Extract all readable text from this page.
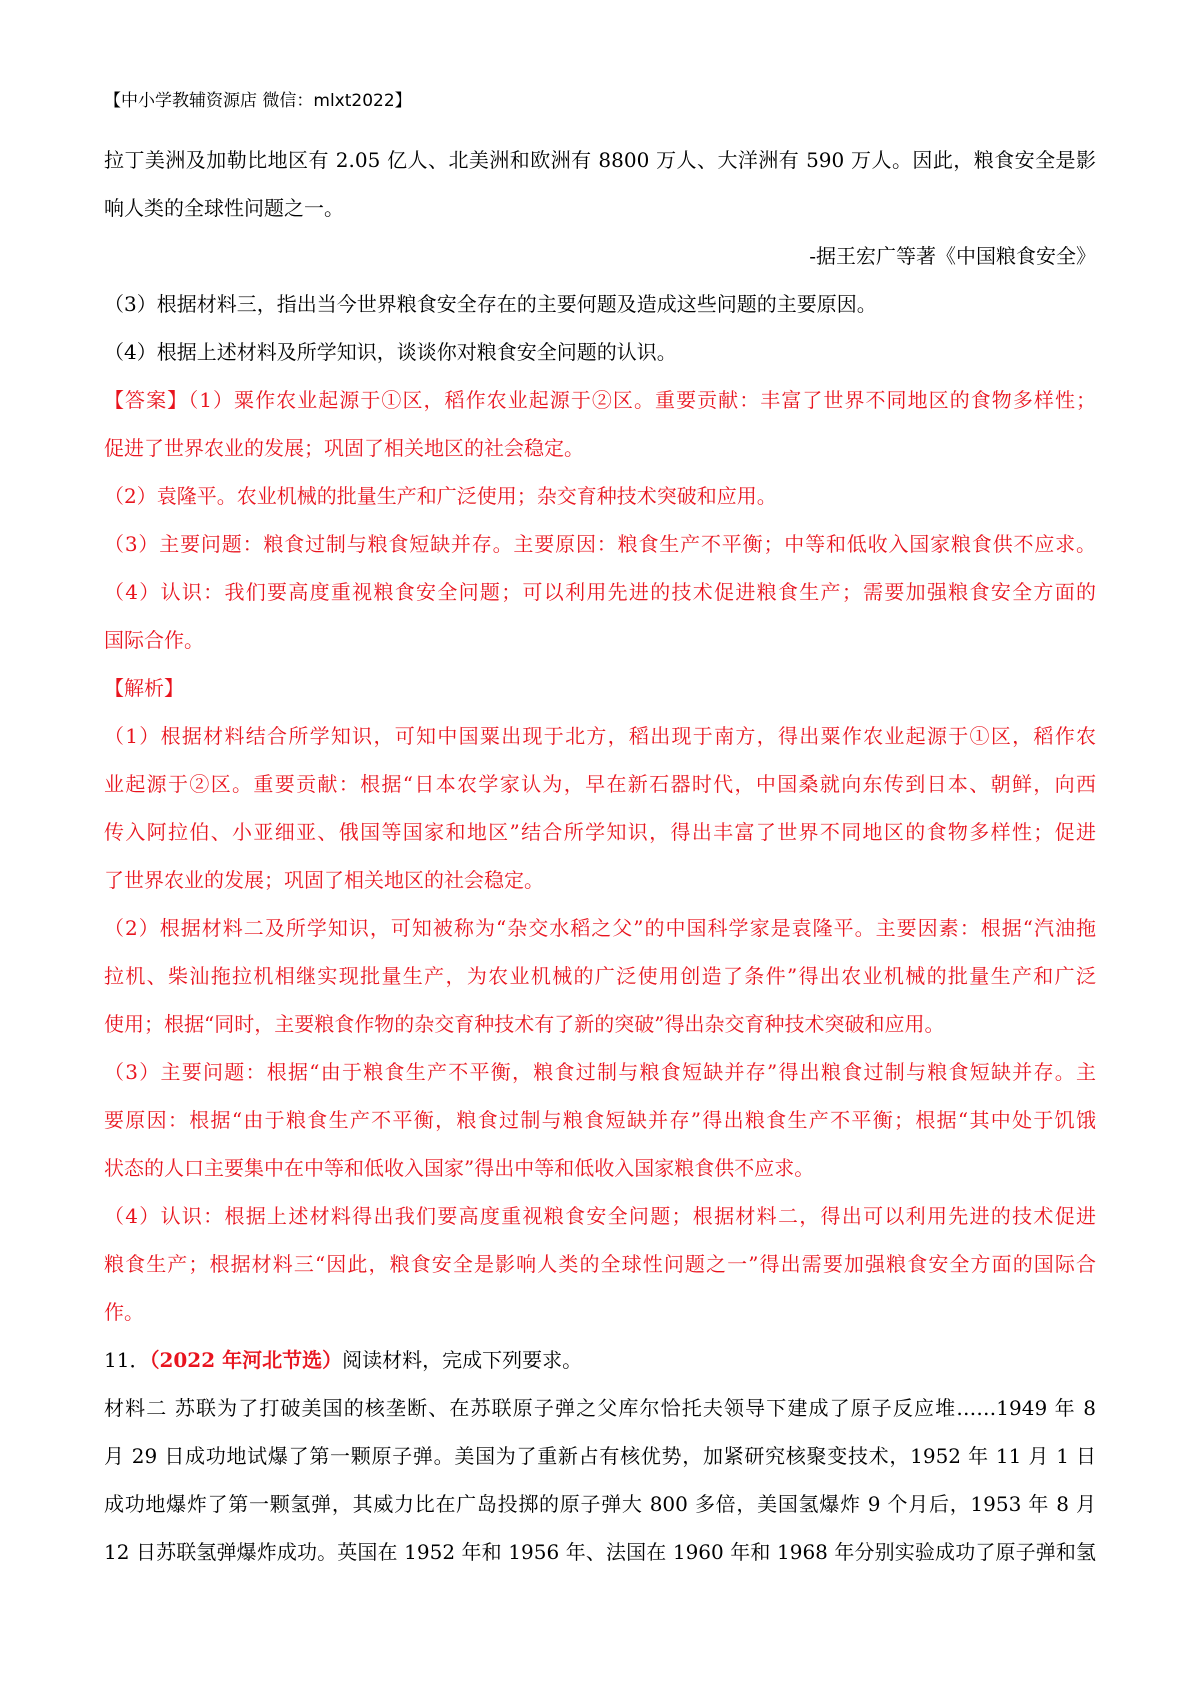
【中小学教辅资源店 微信：mlxt2022】
拉丁美洲及加勒比地区有 2.05 亿人、北美洲和欧洲有 8800 万人、大洋洲有 590 万人。因此，粮食安全是影
响人类的全球性问题之一。
-据王宏广等著《中国粮食安全》
（3）根据材料三，指出当今世界粮食安全存在的主要何题及造成这些问题的主要原因。
（4）根据上述材料及所学知识，谈谈你对粮食安全问题的认识。
【答案】（1）粟作农业起源于①区，稻作农业起源于②区。重要贡献：丰富了世界不同地区的食物多样性；
促进了世界农业的发展；巩固了相关地区的社会稳定。
（2）袁隆平。农业机械的批量生产和广泛使用；杂交育种技术突破和应用。
（3）主要问题：粮食过制与粮食短缺并存。主要原因：粮食生产不平衡；中等和低收入国家粮食供不应求。
（4）认识：我们要高度重视粮食安全问题；可以利用先进的技术促进粮食生产；需要加强粮食安全方面的
国际合作。
【解析】
（1）根据材料结合所学知识，可知中国粟出现于北方，稻出现于南方，得出粟作农业起源于①区，稻作农
业起源于②区。重要贡献：根据“日本农学家认为，早在新石器时代，中国桑就向东传到日本、朝鲜，向西
传入阿拉伯、小亚细亚、俄国等国家和地区”结合所学知识，得出丰富了世界不同地区的食物多样性；促进
了世界农业的发展；巩固了相关地区的社会稳定。
（2）根据材料二及所学知识，可知被称为“杂交水稻之父”的中国科学家是袁隆平。主要因素：根据“汽油拖
拉机、柴汕拖拉机相继实现批量生产，为农业机械的广泛使用创造了条件”得出农业机械的批量生产和广泛
使用；根据“同时，主要粮食作物的杂交育种技术有了新的突破”得出杂交育种技术突破和应用。
（3）主要问题：根据“由于粮食生产不平衡，粮食过制与粮食短缺并存”得出粮食过制与粮食短缺并存。主
要原因：根据“由于粮食生产不平衡，粮食过制与粮食短缺并存”得出粮食生产不平衡；根据“其中处于饥饿
状态的人口主要集中在中等和低收入国家”得出中等和低收入国家粮食供不应求。
（4）认识：根据上述材料得出我们要高度重视粮食安全问题；根据材料二，得出可以利用先进的技术促进
粮食生产；根据材料三“因此，粮食安全是影响人类的全球性问题之一”得出需要加强粮食安全方面的国际合
作。
11．（2022 年河北节选）阅读材料，完成下列要求。
材料二 苏联为了打破美国的核垄断、在苏联原子弹之父库尔恰托夫领导下建成了原子反应堆……1949 年 8
月 29 日成功地试爆了第一颗原子弹。美国为了重新占有核优势，加紧研究核聚变技术，1952 年 11 月 1 日
成功地爆炸了第一颗氢弹，其威力比在广岛投掷的原子弹大 800 多倍，美国氢爆炸 9 个月后，1953 年 8 月
12 日苏联氢弹爆炸成功。英国在 1952 年和 1956 年、法国在 1960 年和 1968 年分别实验成功了原子弹和氢
